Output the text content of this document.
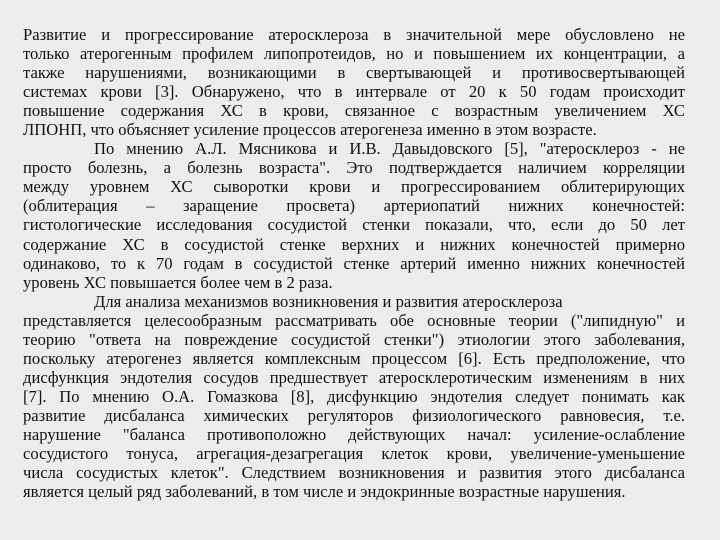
Развитие и прогрессирование атеросклероза в значительной мере обусловлено не
только атерогенным профилем липопротеидов, но и повышением их концентрации, а
также нарушениями, возникающими в свертывающей и противосвертывающей
системах крови [3]. Обнаружено, что в интервале от 20 к 50 годам происходит
повышение содержания ХС в крови, связанное с возрастным увеличением ХС
ЛПОНП, что объясняет усиление процессов атерогенеза именно в этом возрасте.
По мнению А.Л. Мясникова и И.В. Давыдовского [5], "атеросклероз - не
просто болезнь, а болезнь возраста". Это подтверждается наличием корреляции
между уровнем ХС сыворотки крови и прогрессированием облитерирующих
(облитерация – заращение просвета) артериопатий нижних конечностей:
гистологические исследования сосудистой стенки показали, что, если до 50 лет
содержание ХС в сосудистой стенке верхних и нижних конечностей примерно
одинаково, то к 70 годам в сосудистой стенке артерий именно нижних конечностей
уровень ХС повышается более чем в 2 раза.
Для анализа механизмов возникновения и развития атеросклероза
представляется целесообразным рассматривать обе основные теории ("липидную" и
теорию "ответа на повреждение сосудистой стенки") этиологии этого заболевания,
поскольку атерогенез является комплексным процессом [6]. Есть предположение, что
дисфункция эндотелия сосудов предшествует атеросклеротическим изменениям в них
[7]. По мнению О.А. Гомазкова [8], дисфункцию эндотелия следует понимать как
развитие дисбаланса химических регуляторов физиологического равновесия, т.е.
нарушение "баланса противоположно действующих начал: усиление-ослабление
сосудистого тонуса, агрегация-дезагрегация клеток крови, увеличение-уменьшение
числа сосудистых клеток". Следствием возникновения и развития этого дисбаланса
является целый ряд заболеваний, в том числе и эндокринные возрастные нарушения.
